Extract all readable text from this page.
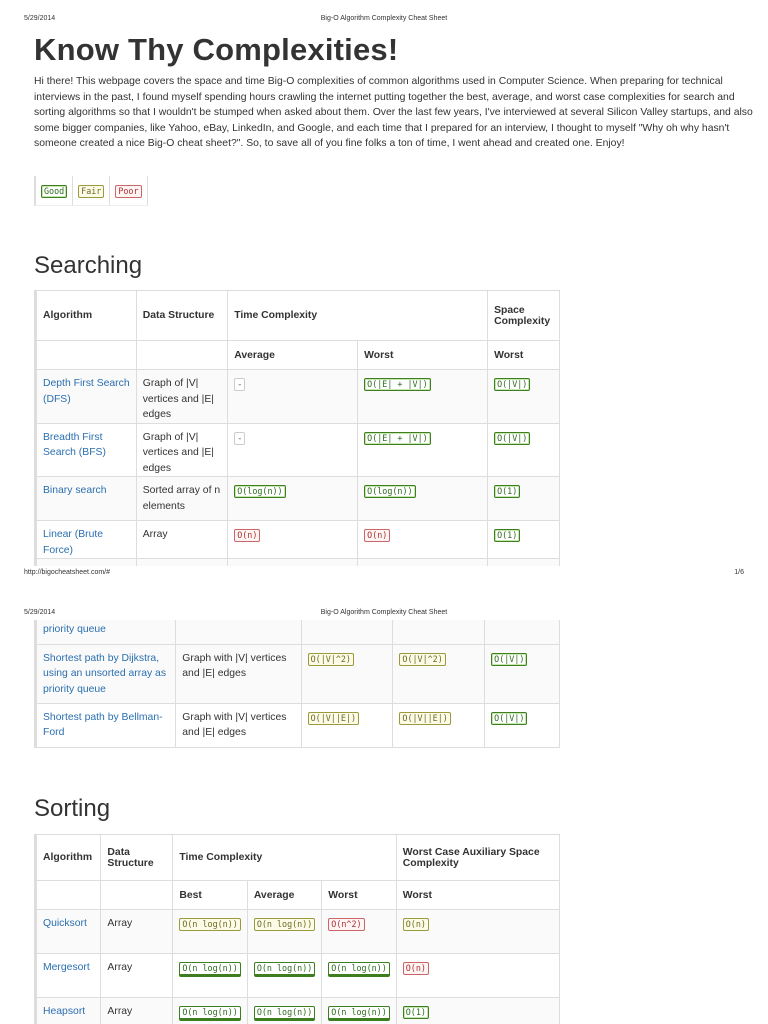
5/29/2014	Big-O Algorithm Complexity Cheat Sheet
Know Thy Complexities!

Hi there! This webpage covers the space and time Big-O complexities of common algorithms used in Computer Science. When preparing for technical interviews in the past, I found myself spending hours crawling the internet putting together the best, average, and worst case complexities for search and sorting algorithms so that I wouldn't be stumped when asked about them. Over the last few years, I've interviewed at several Silicon Valley startups, and also some bigger companies, like Yahoo, eBay, LinkedIn, and Google, and each time that I prepared for an interview, I thought to myself "Why oh why hasn't someone created a nice Big-O cheat sheet?". So, to save all of you fine folks a ton of time, I went ahead and created one. Enjoy!

Good	Fair	Poor
Searching
Algorithm	Data Structure	Time Complexity		Space Complexity
		Average	Worst	Worst
Depth First Search (DFS)	Graph of |V| vertices and |E| edges	-	O(|E| + |V|)	O(|V|)
Breadth First Search (BFS)	Graph of |V| vertices and |E| edges	-	O(|E| + |V|)	O(|V|)
Binary search	Sorted array of n elements	O(log(n))	O(log(n))	O(1)
Linear (Brute Force)	Array	O(n)	O(n)	O(1)

http://bigocheatsheet.com/#	1/6
5/29/2014	Big-O Algorithm Complexity Cheat Sheet
priority queue				
Shortest path by Dijkstra, using an unsorted array as priority queue	Graph with |V| vertices and |E| edges	O(|V|^2)	O(|V|^2)	O(|V|)
Shortest path by Bellman-Ford	Graph with |V| vertices and |E| edges	O(|V||E|)	O(|V||E|)	O(|V|)
Sorting
Algorithm	Data Structure	Time Complexity			Worst Case Auxiliary Space Complexity
		Best	Average	Worst	Worst
Quicksort	Array	O(n log(n))	O(n log(n))	O(n^2)	O(n)
Mergesort	Array	O(n log(n))	O(n log(n))	O(n log(n))	O(n)
Heapsort	Array	O(n log(n))	O(n log(n))	O(n log(n))	O(1)
